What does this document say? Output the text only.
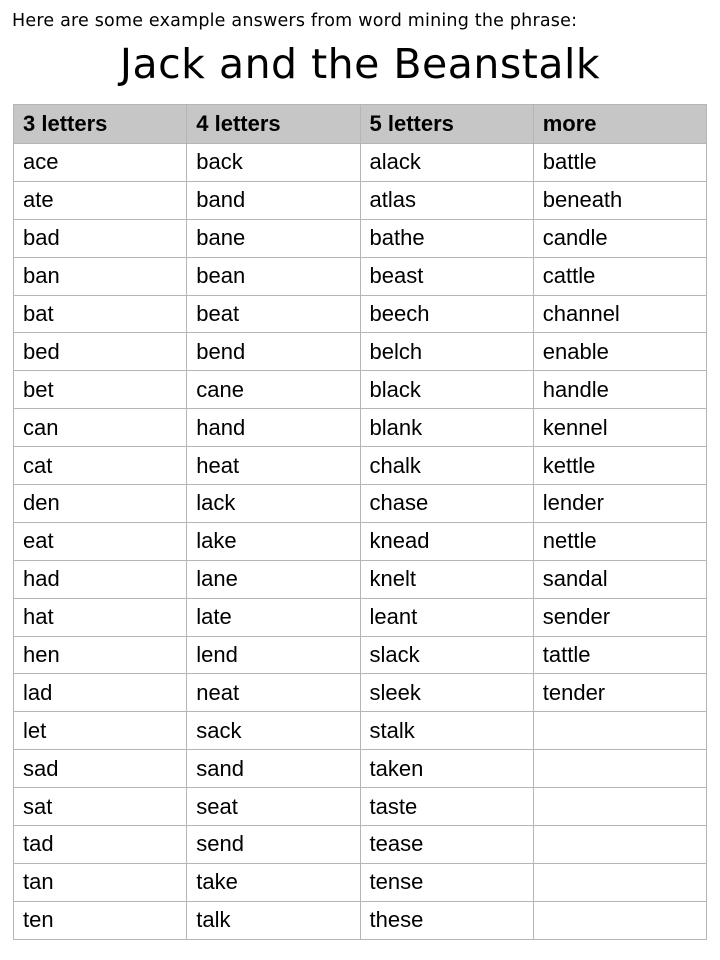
Here are some example answers from word mining the phrase:
Jack and the Beanstalk
3 letters	4 letters	5 letters	more
ace	back	alack	battle
ate	band	atlas	beneath
bad	bane	bathe	candle
ban	bean	beast	cattle
bat	beat	beech	channel
bed	bend	belch	enable
bet	cane	black	handle
can	hand	blank	kennel
cat	heat	chalk	kettle
den	lack	chase	lender
eat	lake	knead	nettle
had	lane	knelt	sandal
hat	late	leant	sender
hen	lend	slack	tattle
lad	neat	sleek	tender
let	sack	stalk	
sad	sand	taken	
sat	seat	taste	
tad	send	tease	
tan	take	tense	
ten	talk	these	
